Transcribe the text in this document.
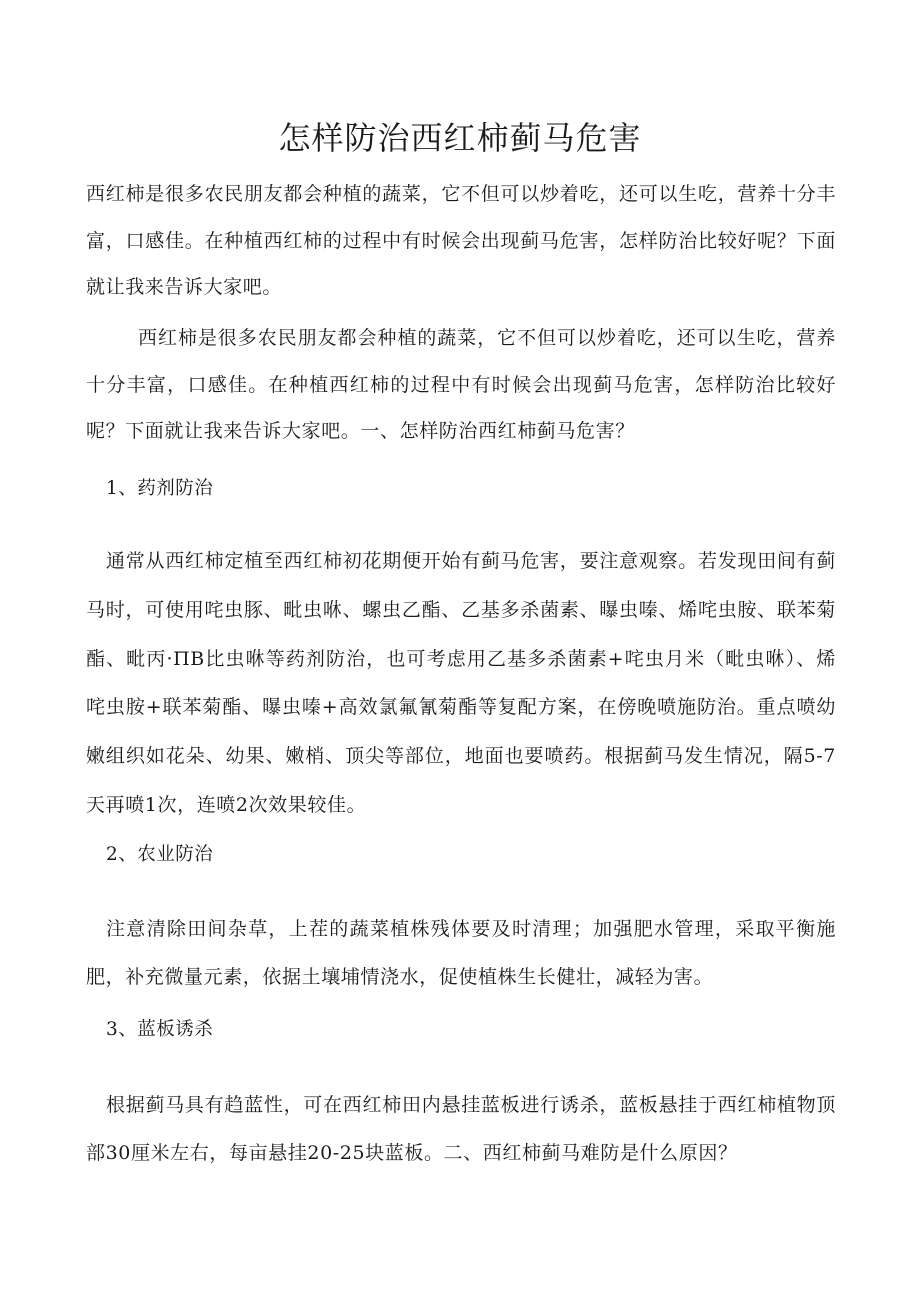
怎样防治西红柿蓟马危害

西红柿是很多农民朋友都会种植的蔬菜，它不但可以炒着吃，还可以生吃，营养十分丰富，口感佳。在种植西红柿的过程中有时候会出现蓟马危害，怎样防治比较好呢？下面就让我来告诉大家吧。

西红柿是很多农民朋友都会种植的蔬菜，它不但可以炒着吃，还可以生吃，营养十分丰富，口感佳。在种植西红柿的过程中有时候会出现蓟马危害，怎样防治比较好呢？下面就让我来告诉大家吧。一、怎样防治西红柿蓟马危害？

1、药剂防治

通常从西红柿定植至西红柿初花期便开始有蓟马危害，要注意观察。若发现田间有蓟马时，可使用咤虫豚、毗虫咻、螺虫乙酯、乙基多杀菌素、曝虫嗪、烯咤虫胺、联苯菊酯、毗丙·ΠΒ比虫咻等药剂防治，也可考虑用乙基多杀菌素+咤虫月米（毗虫咻）、烯咤虫胺+联苯菊酯、曝虫嗪+高效氯氟氰菊酯等复配方案，在傍晚喷施防治。重点喷幼嫩组织如花朵、幼果、嫩梢、顶尖等部位，地面也要喷药。根据蓟马发生情况，隔5-7天再喷1次，连喷2次效果较佳。

2、农业防治

注意清除田间杂草，上茬的蔬菜植株残体要及时清理；加强肥水管理，采取平衡施肥，补充微量元素，依据土壤埔情浇水，促使植株生长健壮，减轻为害。

3、蓝板诱杀

根据蓟马具有趋蓝性，可在西红柿田内悬挂蓝板进行诱杀，蓝板悬挂于西红柿植物顶部30厘米左右，每亩悬挂20-25块蓝板。二、西红柿蓟马难防是什么原因？
